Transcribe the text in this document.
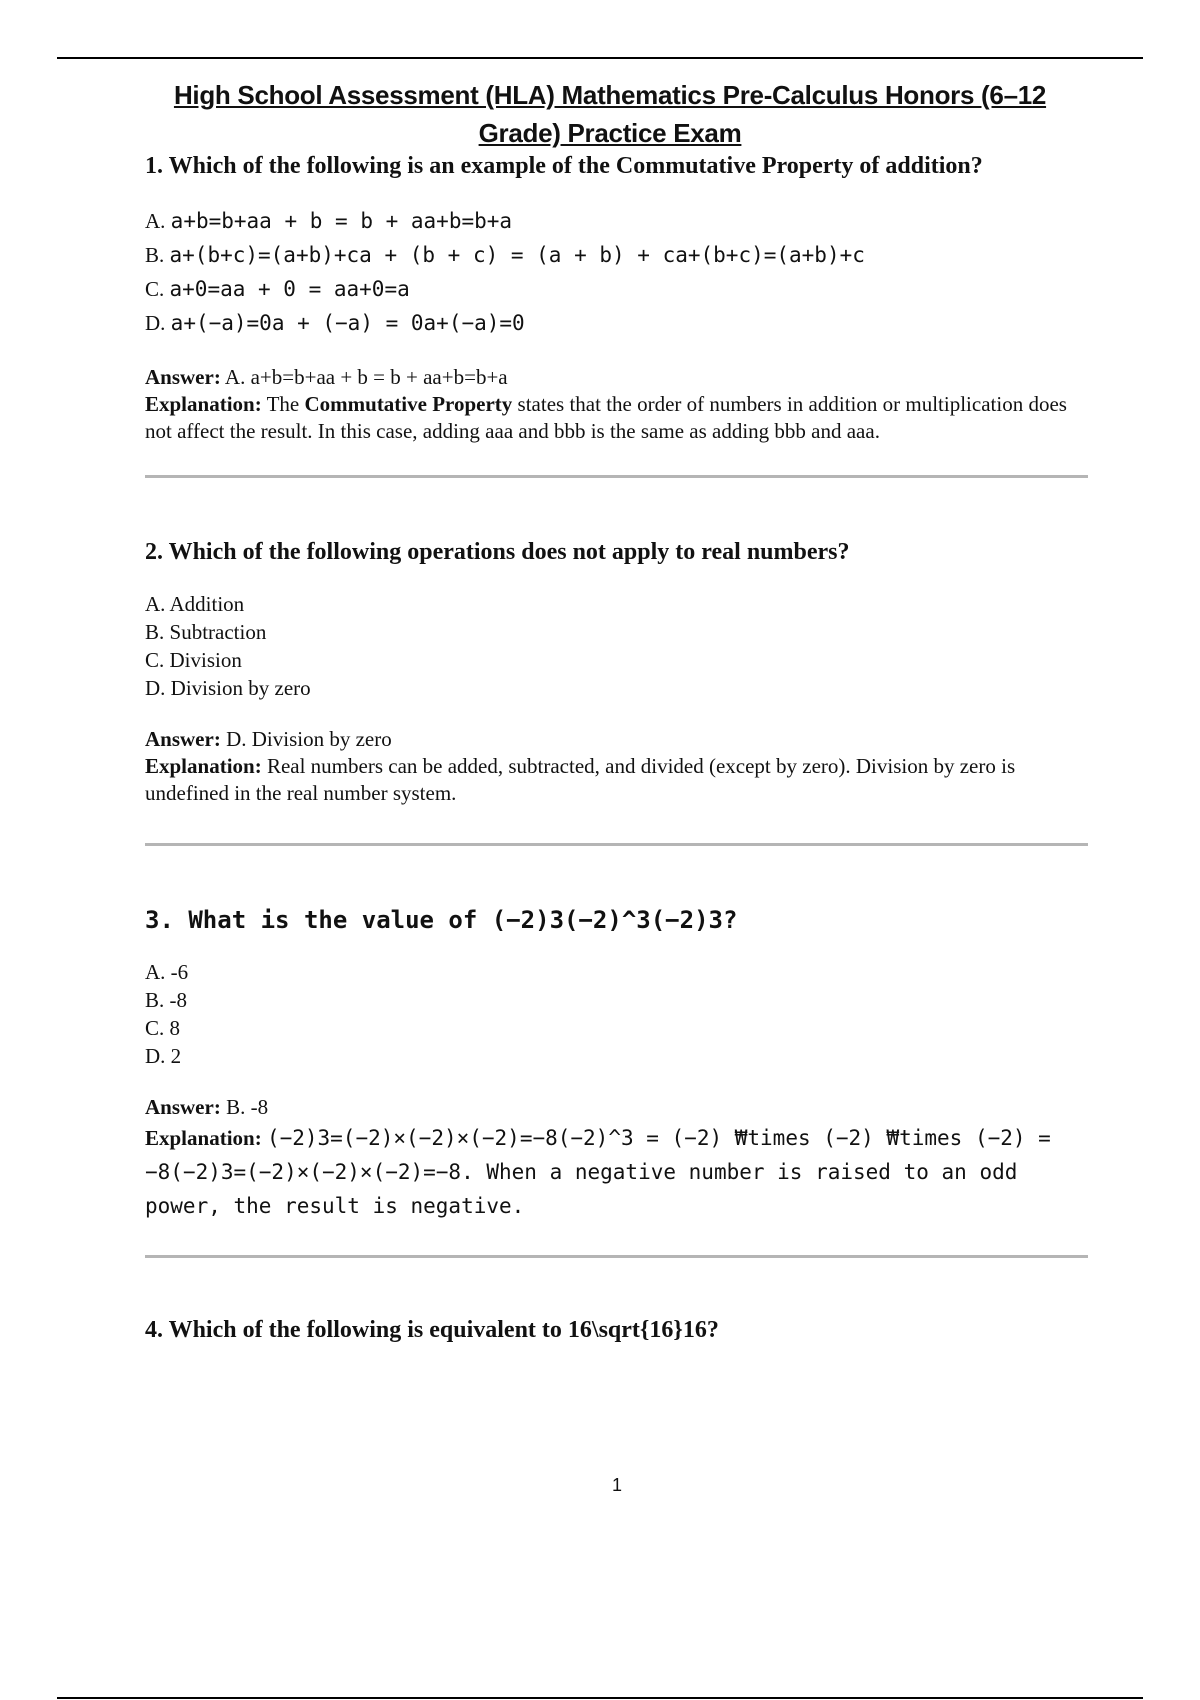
High School Assessment (HLA) Mathematics Pre-Calculus Honors (6–12 Grade) Practice Exam

1. Which of the following is an example of the Commutative Property of addition?

A. a+b=b+aa + b = b + aa+b=b+a

B. a+(b+c)=(a+b)+ca + (b + c) = (a + b) + ca+(b+c)=(a+b)+c

C. a+0=aa + 0 = aa+0=a

D. a+(−a)=0a + (−a) = 0a+(−a)=0

Answer: A. a+b=b+aa + b = b + aa+b=b+a
Explanation: The Commutative Property states that the order of numbers in addition or multiplication does not affect the result. In this case, adding aaa and bbb is the same as adding bbb and aaa.

2. Which of the following operations does not apply to real numbers?

A. Addition

B. Subtraction

C. Division

D. Division by zero

Answer: D. Division by zero
Explanation: Real numbers can be added, subtracted, and divided (except by zero). Division by zero is undefined in the real number system.

3. What is the value of (−2)3(−2)^3(−2)3?

A. -6

B. -8

C. 8

D. 2

Answer: B. -8
Explanation: (−2)3=(−2)×(−2)×(−2)=−8(−2)^3 = (−2) ₩times (−2) ₩times (−2) = −8(−2)3=(−2)×(−2)×(−2)=−8. When a negative number is raised to an odd power, the result is negative.

4. Which of the following is equivalent to 16\sqrt{16}16?

1
